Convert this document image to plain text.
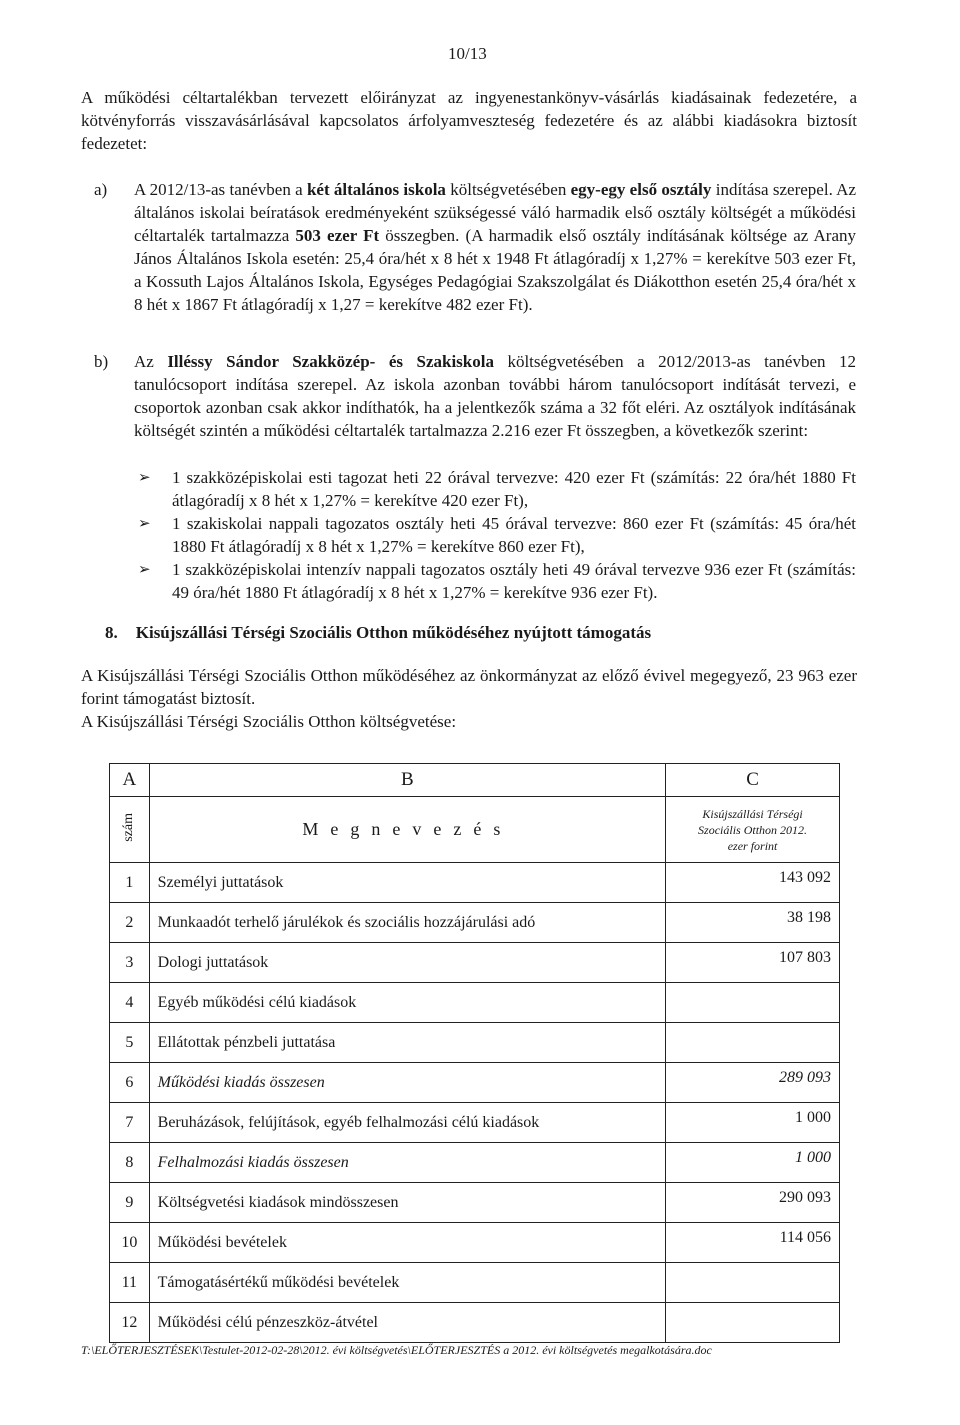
10/13
A működési céltartalékban tervezett előirányzat az ingyenestankönyv-vásárlás kiadásainak fedezetére, a kötvényforrás visszavásárlásával kapcsolatos árfolyamveszteség fedezetére és az alábbi kiadásokra biztosít fedezetet:
a) A 2012/13-as tanévben a két általános iskola költségvetésében egy-egy első osztály indítása szerepel. Az általános iskolai beíratások eredményeként szükségessé váló harmadik első osztály költségét a működési céltartalék tartalmazza 503 ezer Ft összegben. (A harmadik első osztály indításának költsége az Arany János Általános Iskola esetén: 25,4 óra/hét x 8 hét x 1948 Ft átlagóradíj x 1,27% = kerekítve 503 ezer Ft, a Kossuth Lajos Általános Iskola, Egységes Pedagógiai Szakszolgálat és Diákotthon esetén 25,4 óra/hét x 8 hét x 1867 Ft átlagóradíj x 1,27 = kerekítve 482 ezer Ft).
b) Az Illéssy Sándor Szakközép- és Szakiskola költségvetésében a 2012/2013-as tanévben 12 tanulócsoport indítása szerepel. Az iskola azonban további három tanulócsoport indítását tervezi, e csoportok azonban csak akkor indíthatók, ha a jelentkezők száma a 32 főt eléri. Az osztályok indításának költségét szintén a működési céltartalék tartalmazza 2.216 ezer Ft összegben, a következők szerint:
➢ 1 szakközépiskolai esti tagozat heti 22 órával tervezve: 420 ezer Ft (számítás: 22 óra/hét 1880 Ft átlagóradíj x 8 hét x 1,27% = kerekítve 420 ezer Ft),
➢ 1 szakiskolai nappali tagozatos osztály heti 45 órával tervezve: 860 ezer Ft (számítás: 45 óra/hét 1880 Ft átlagóradíj x 8 hét x 1,27% = kerekítve 860 ezer Ft),
➢ 1 szakközépiskolai intenzív nappali tagozatos osztály heti 49 órával tervezve 936 ezer Ft (számítás: 49 óra/hét 1880 Ft átlagóradíj x 8 hét x 1,27% = kerekítve 936 ezer Ft).
8. Kisújszállási Térségi Szociális Otthon működéséhez nyújtott támogatás
A Kisújszállási Térségi Szociális Otthon működéséhez az önkormányzat az előző évivel megegyező, 23 963 ezer forint támogatást biztosít.
A Kisújszállási Térségi Szociális Otthon költségvetése:
A	B	C
szám	Megnevezés	Kisújszállási Térségi
Szociális Otthon 2012.
ezer forint

1	Személyi juttatások	143 092
2	Munkaadót terhelő járulékok és szociális hozzájárulási adó	38 198
3	Dologi juttatások	107 803
4	Egyéb működési célú kiadások	
5	Ellátottak pénzbeli juttatása	
6	Működési kiadás összesen	289 093
7	Beruházások, felújítások, egyéb felhalmozási célú kiadások	1 000
8	Felhalmozási kiadás összesen	1 000
9	Költségvetési kiadások mindösszesen	290 093
10	Működési bevételek	114 056
11	Támogatásértékű működési bevételek	
12	Működési célú pénzeszköz-átvétel	
T:\ELŐTERJESZTÉSEK\Testulet-2012-02-28\2012. évi költségvetés\ELŐTERJESZTÉS a 2012. évi költségvetés megalkotására.doc
